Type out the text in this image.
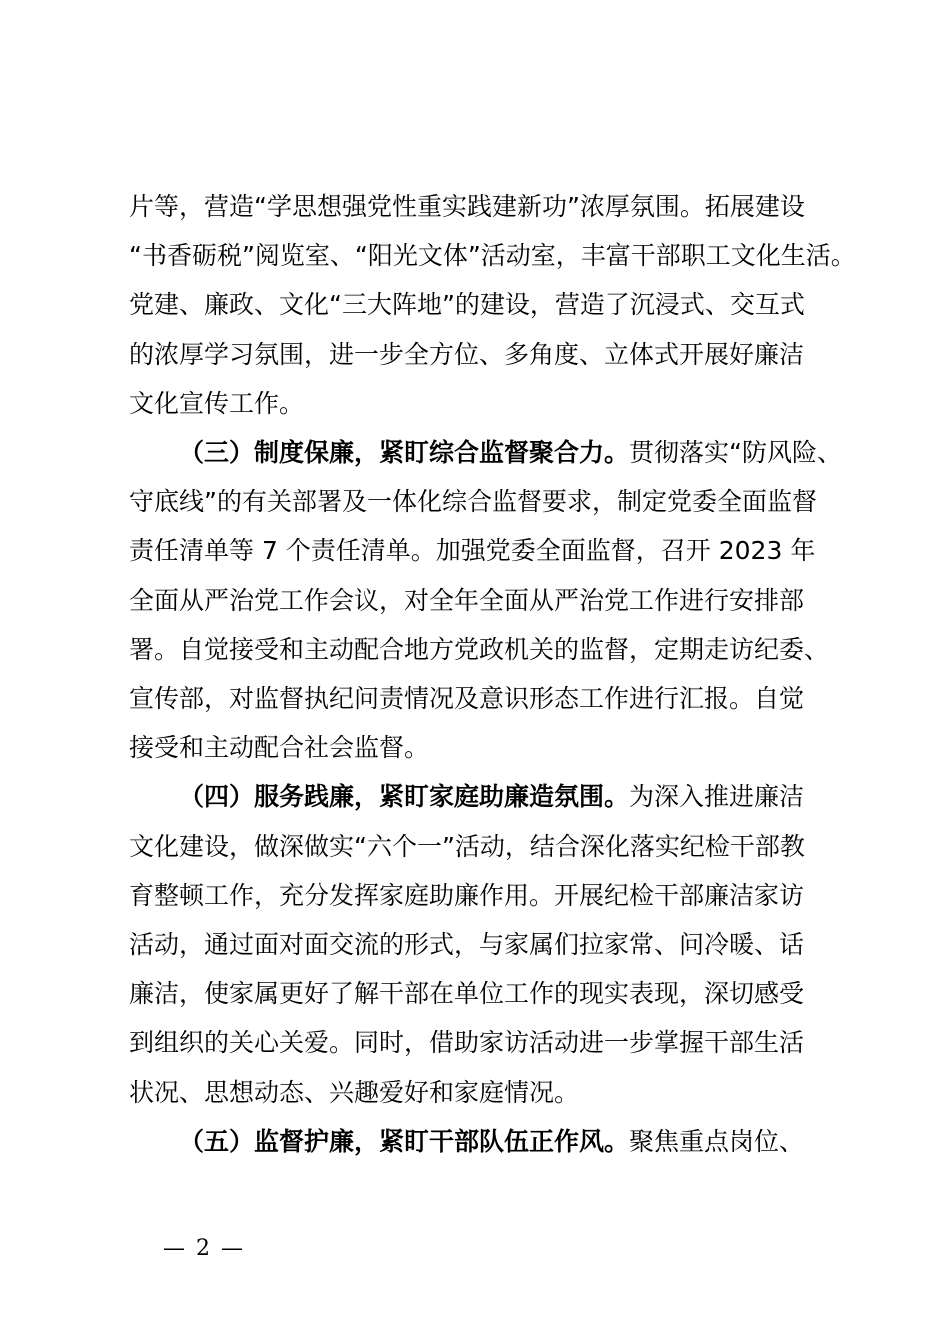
片等，营造“学思想强党性重实践建新功”浓厚氛围。拓展建设
“书香砺税”阅览室、“阳光文体”活动室，丰富干部职工文化生活。
党建、廉政、文化“三大阵地”的建设，营造了沉浸式、交互式
的浓厚学习氛围，进一步全方位、多角度、立体式开展好廉洁
文化宣传工作。

（三）制度保廉，紧盯综合监督聚合力。贯彻落实“防风险、
守底线”的有关部署及一体化综合监督要求，制定党委全面监督
责任清单等 7 个责任清单。加强党委全面监督，召开 2023 年
全面从严治党工作会议，对全年全面从严治党工作进行安排部
署。自觉接受和主动配合地方党政机关的监督，定期走访纪委、
宣传部，对监督执纪问责情况及意识形态工作进行汇报。自觉
接受和主动配合社会监督。

（四）服务践廉，紧盯家庭助廉造氛围。为深入推进廉洁
文化建设，做深做实“六个一”活动，结合深化落实纪检干部教
育整顿工作，充分发挥家庭助廉作用。开展纪检干部廉洁家访
活动，通过面对面交流的形式，与家属们拉家常、问冷暖、话
廉洁，使家属更好了解干部在单位工作的现实表现，深切感受
到组织的关心关爱。同时，借助家访活动进一步掌握干部生活
状况、思想动态、兴趣爱好和家庭情况。

（五）监督护廉，紧盯干部队伍正作风。聚焦重点岗位、

— 2 —
